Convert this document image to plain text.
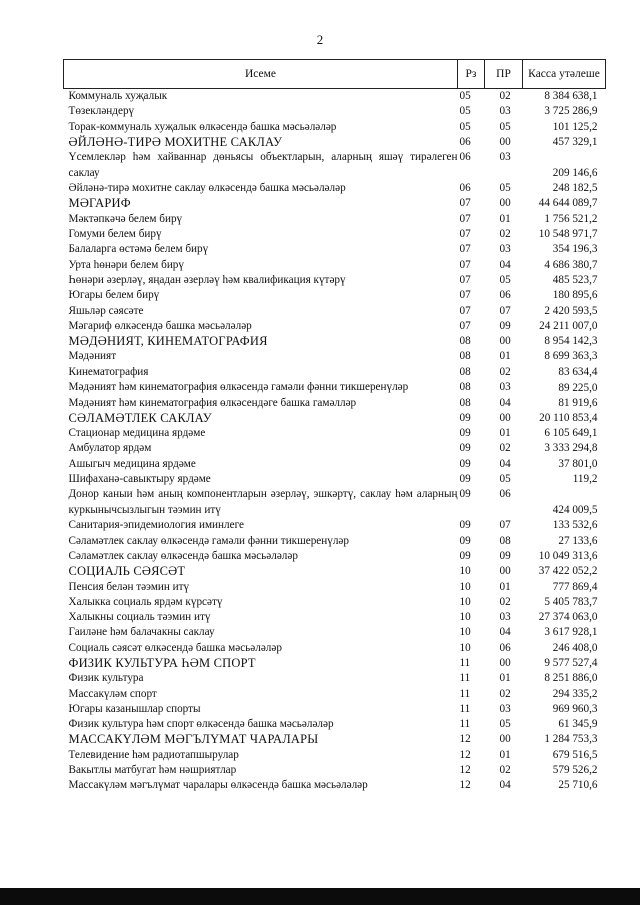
2
Исеме	Рз	ПР	Касса утәлеше
Коммуналь хуҗалык	05	02	8 384 638,1
Төзеклəндерү	05	03	3 725 286,9
Торак-коммуналь хуҗалык өлкәсендә башка мәсьәләләр	05	05	101 125,2
ӘЙЛӘНӘ-ТИРӘ МОХИТНЕ САКЛАУ	06	00	457 329,1
Үсемлекләр һәм хайваннар дөньясы объектларын, аларның яшәү тирәлеген саклау	06	03	209 146,6
Әйләнә-тирә мохитне саклау өлкәсендә башка мәсьәләләр	06	05	248 182,5
МӘГАРИФ	07	00	44 644 089,7
Мәктәпкәчә белем бирү	07	01	1 756 521,2
Гомуми белем бирү	07	02	10 548 971,7
Балаларга өстәмә белем бирү	07	03	354 196,3
Урта һөнәри белем бирү	07	04	4 686 380,7
Һөнәри әзерләү, яңадан әзерләү һәм квалификация күтәрү	07	05	485 523,7
Югары белем бирү	07	06	180 895,6
Яшьләр сәясәте	07	07	2 420 593,5
Мәгариф өлкәсендә башка мәсьәләләр	07	09	24 211 007,0
МӘДӘНИЯТ, КИНЕМАТОГРАФИЯ	08	00	8 954 142,3
Мәдәният	08	01	8 699 363,3
Кинематография	08	02	83 634,4
Мәдәният һәм кинематография өлкәсендә гамәли фәнни тикшеренүләр	08	03	89 225,0
Мәдәният һәм кинематография өлкәсендәге башка гамәлләр	08	04	81 919,6
СӘЛАМӘТЛЕК САКЛАУ	09	00	20 110 853,4
Стационар медицина ярдәме	09	01	6 105 649,1
Амбулатор ярдәм	09	02	3 333 294,8
Ашыгыч медицина ярдәме	09	04	37 801,0
Шифаханә-савыктыру ярдәме	09	05	119,2
Донор каныи һәм аның компонентларын әзерләү, эшкәртү, саклау һәм аларның куркынычсызлыгын тәэмин итү	09	06	424 009,5
Санитария-эпидемиология иминлеге	09	07	133 532,6
Сәламәтлек саклау өлкәсендә гамәли фәнни тикшеренүләр	09	08	27 133,6
Сәламәтлек саклау өлкәсендә башка мәсьәләләр	09	09	10 049 313,6
СОЦИАЛЬ СӘЯСӘТ	10	00	37 422 052,2
Пенсия белән тәэмин итү	10	01	777 869,4
Халыкка социаль ярдәм күрсәтү	10	02	5 405 783,7
Халыкны социаль тәэмин итү	10	03	27 374 063,0
Гаиләне һәм балачакны саклау	10	04	3 617 928,1
Социаль сәясәт өлкәсендә башка мәсьәләләр	10	06	246 408,0
ФИЗИК КУЛЬТУРА ҺӘМ СПОРТ	11	00	9 577 527,4
Физик культура	11	01	8 251 886,0
Массакүләм спорт	11	02	294 335,2
Югары казанышлар спорты	11	03	969 960,3
Физик культура һәм спорт өлкәсендә башка мәсьәләләр	11	05	61 345,9
МАССАКҮЛӘМ МӘГЪЛҮМАТ ЧАРАЛАРЫ	12	00	1 284 753,3
Телевидение һәм радиотапшырулар	12	01	679 516,5
Вакытлы матбугат һәм нәшриятлар	12	02	579 526,2
Массакүләм мәгълүмат чаралары өлкәсендә башка мәсьәләләр	12	04	25 710,6
